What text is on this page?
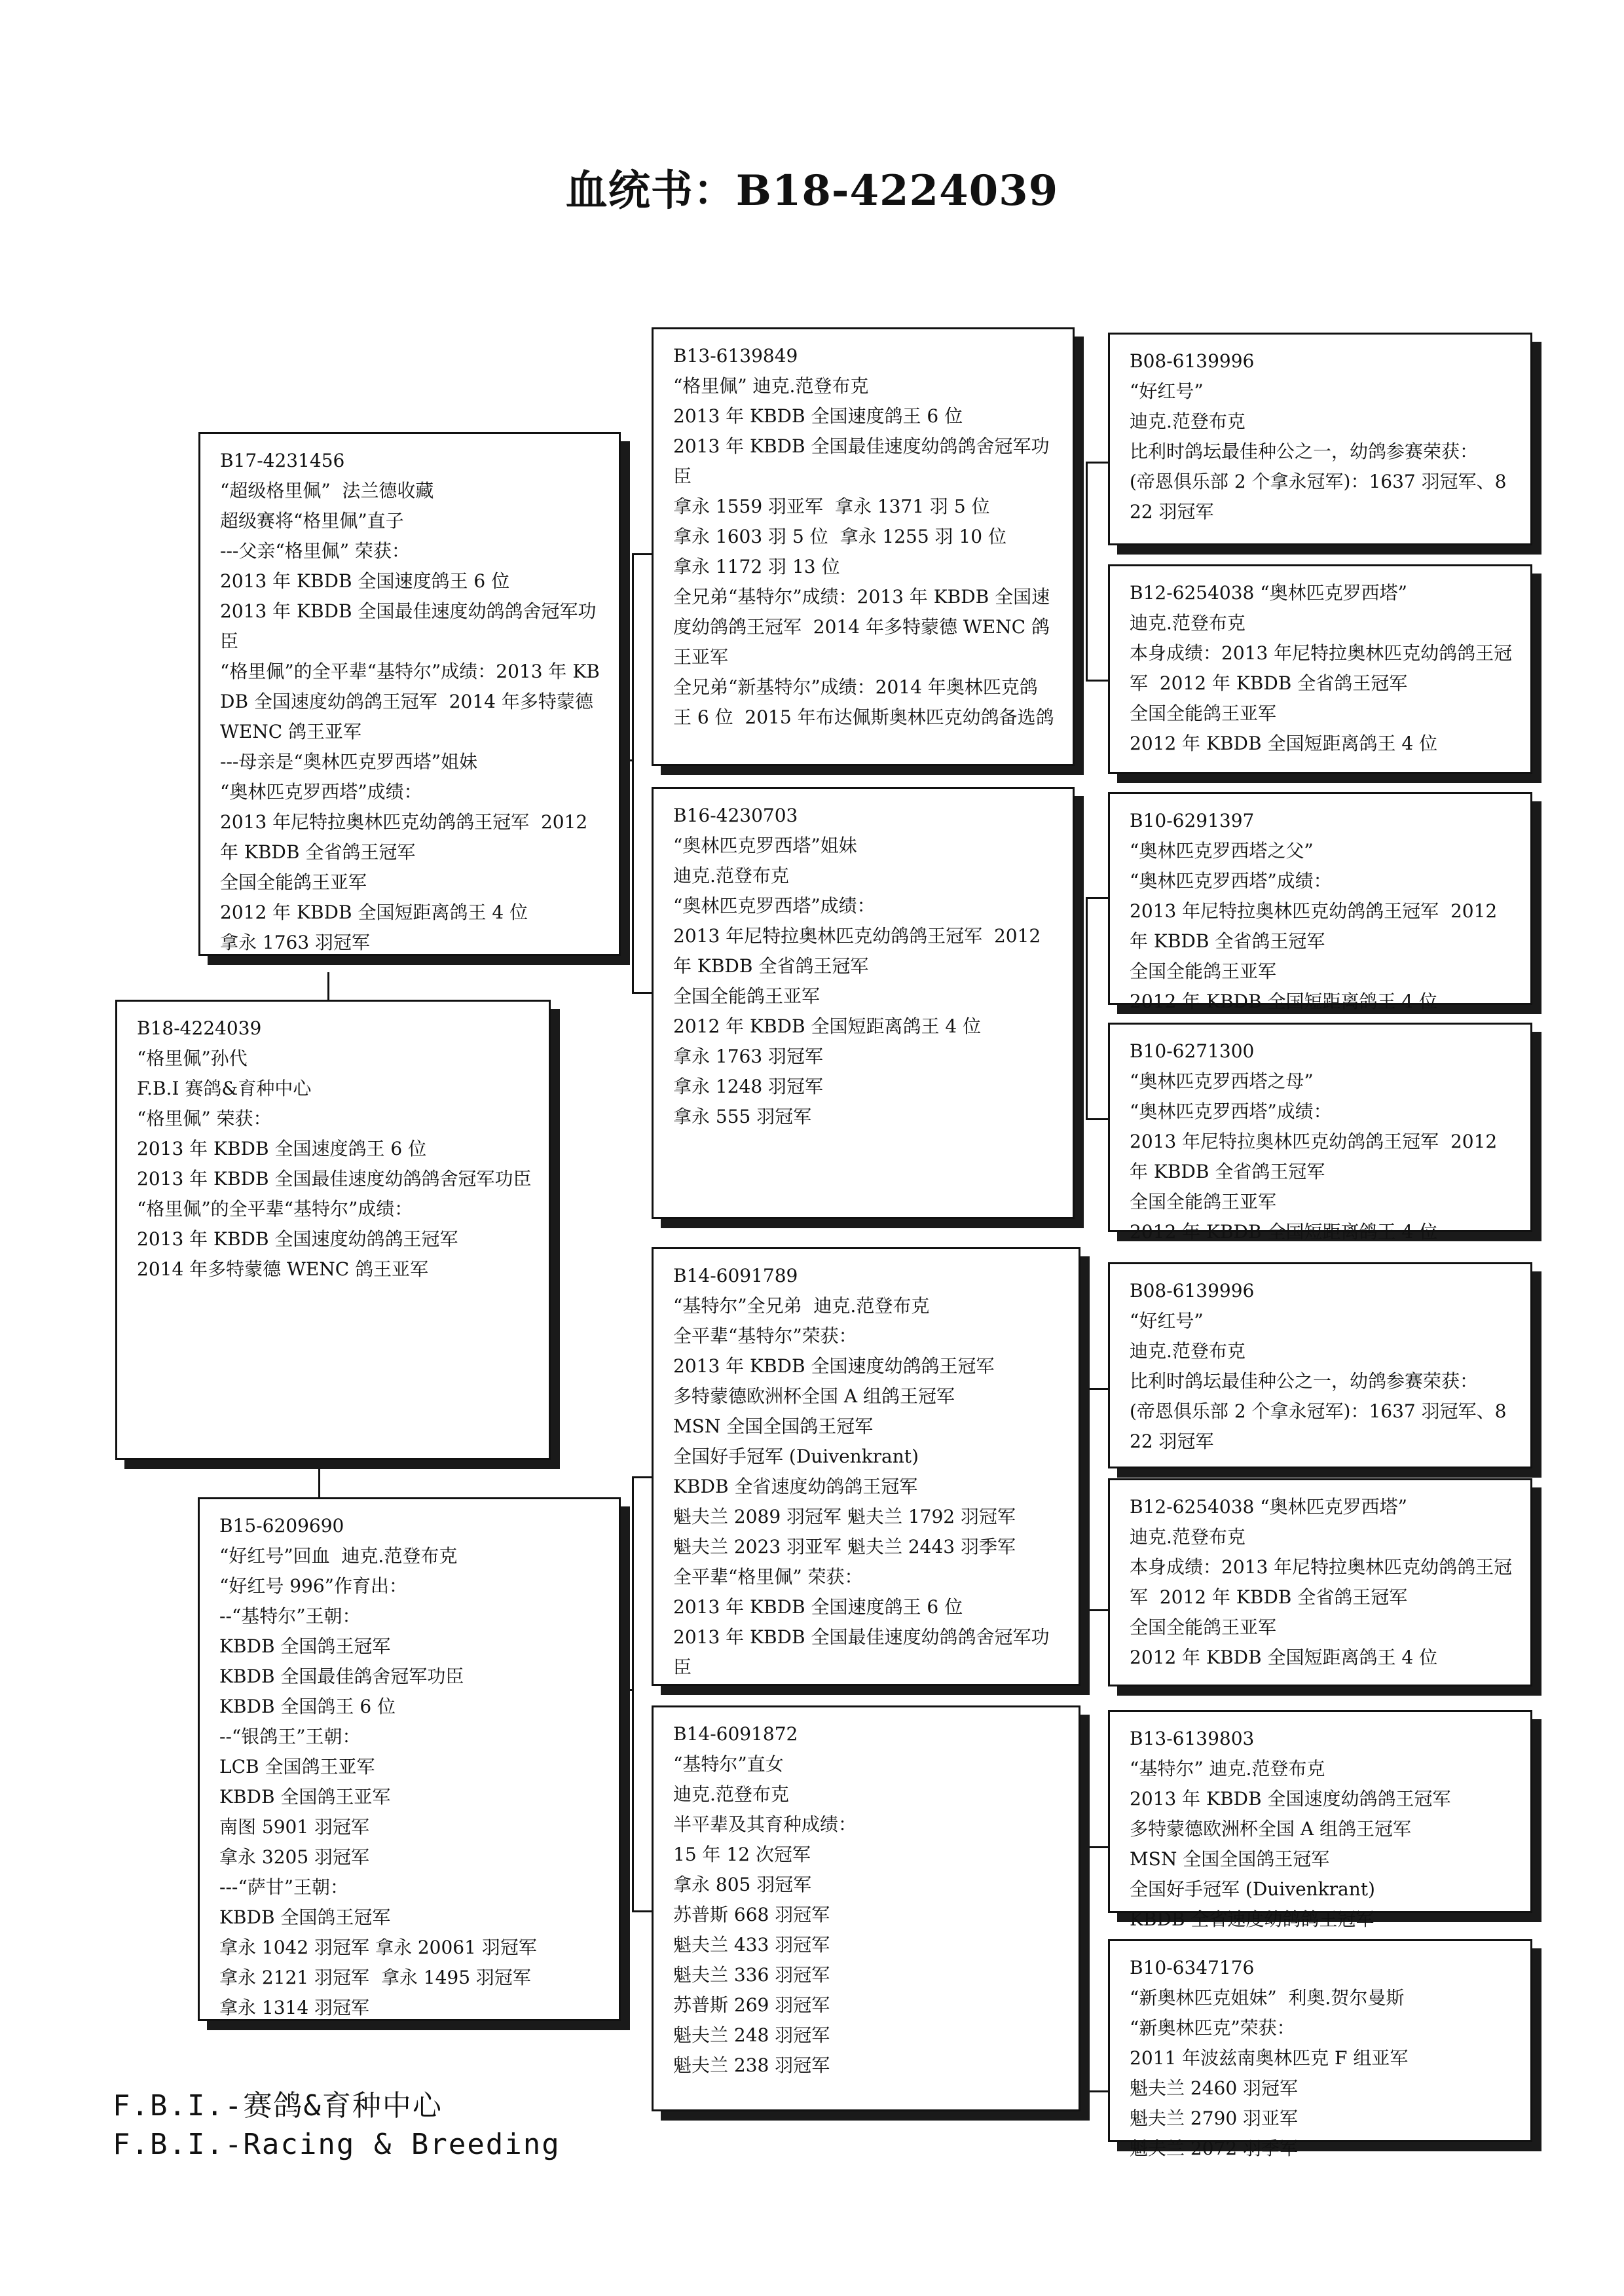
血统书：B18-4224039
B18-4224039
“格里佩”孙代
F.B.I 赛鸽&育种中心
“格里佩” 荣获：
2013 年 KBDB 全国速度鸽王 6 位
2013 年 KBDB 全国最佳速度幼鸽鸽舍冠军功臣
“格里佩”的全平辈“基特尔”成绩：
2013 年 KBDB 全国速度幼鸽鸽王冠军
2014 年多特蒙德 WENC 鸽王亚军
B17-4231456
“超级格里佩”  法兰德收藏
超级赛将“格里佩”直子
---父亲“格里佩” 荣获：
2013 年 KBDB 全国速度鸽王 6 位
2013 年 KBDB 全国最佳速度幼鸽鸽舍冠军功臣
“格里佩”的全平辈“基特尔”成绩：2013 年 KBDB 全国速度幼鸽鸽王冠军  2014 年多特蒙德 WENC 鸽王亚军
---母亲是“奥林匹克罗西塔”姐妹
“奥林匹克罗西塔”成绩：
2013 年尼特拉奥林匹克幼鸽鸽王冠军  2012 年 KBDB 全省鸽王冠军
全国全能鸽王亚军
2012 年 KBDB 全国短距离鸽王 4 位
拿永 1763 羽冠军
B15-6209690
“好红号”回血  迪克.范登布克
“好红号 996”作育出：
--“基特尔”王朝：
KBDB 全国鸽王冠军
KBDB 全国最佳鸽舍冠军功臣
KBDB 全国鸽王 6 位
--“银鸽王”王朝：
LCB 全国鸽王亚军
KBDB 全国鸽王亚军
南图 5901 羽冠军
拿永 3205 羽冠军
---“萨甘”王朝：
KBDB 全国鸽王冠军
拿永 1042 羽冠军 拿永 20061 羽冠军
拿永 2121 羽冠军  拿永 1495 羽冠军
拿永 1314 羽冠军
B13-6139849
“格里佩” 迪克.范登布克
2013 年 KBDB 全国速度鸽王 6 位
2013 年 KBDB 全国最佳速度幼鸽鸽舍冠军功臣
拿永 1559 羽亚军  拿永 1371 羽 5 位
拿永 1603 羽 5 位  拿永 1255 羽 10 位
拿永 1172 羽 13 位
全兄弟“基特尔”成绩：2013 年 KBDB 全国速度幼鸽鸽王冠军  2014 年多特蒙德 WENC 鸽王亚军
全兄弟“新基特尔”成绩：2014 年奥林匹克鸽王 6 位  2015 年布达佩斯奥林匹克幼鸽备选鸽
B16-4230703
“奥林匹克罗西塔”姐妹
迪克.范登布克
“奥林匹克罗西塔”成绩：
2013 年尼特拉奥林匹克幼鸽鸽王冠军  2012 年 KBDB 全省鸽王冠军
全国全能鸽王亚军
2012 年 KBDB 全国短距离鸽王 4 位
拿永 1763 羽冠军
拿永 1248 羽冠军
拿永 555 羽冠军
B14-6091789
“基特尔”全兄弟  迪克.范登布克
全平辈“基特尔”荣获：
2013 年 KBDB 全国速度幼鸽鸽王冠军
多特蒙德欧洲杯全国 A 组鸽王冠军
MSN 全国全国鸽王冠军
全国好手冠军 (Duivenkrant)
KBDB 全省速度幼鸽鸽王冠军
魁夫兰 2089 羽冠军 魁夫兰 1792 羽冠军
魁夫兰 2023 羽亚军 魁夫兰 2443 羽季军
全平辈“格里佩” 荣获：
2013 年 KBDB 全国速度鸽王 6 位
2013 年 KBDB 全国最佳速度幼鸽鸽舍冠军功臣
B14-6091872
“基特尔”直女
迪克.范登布克
半平辈及其育种成绩：
15 年 12 次冠军
拿永 805 羽冠军
苏普斯 668 羽冠军
魁夫兰 433 羽冠军
魁夫兰 336 羽冠军
苏普斯 269 羽冠军
魁夫兰 248 羽冠军
魁夫兰 238 羽冠军
B08-6139996
“好红号”
迪克.范登布克
比利时鸽坛最佳种公之一，幼鸽参赛荣获：
(帝恩俱乐部 2 个拿永冠军)：1637 羽冠军、822 羽冠军
B12-6254038 “奥林匹克罗西塔”
迪克.范登布克
本身成绩：2013 年尼特拉奥林匹克幼鸽鸽王冠军  2012 年 KBDB 全省鸽王冠军
全国全能鸽王亚军
2012 年 KBDB 全国短距离鸽王 4 位
B10-6291397
“奥林匹克罗西塔之父”
“奥林匹克罗西塔”成绩：
2013 年尼特拉奥林匹克幼鸽鸽王冠军  2012 年 KBDB 全省鸽王冠军
全国全能鸽王亚军
2012 年 KBDB 全国短距离鸽王 4 位
B10-6271300
“奥林匹克罗西塔之母”
“奥林匹克罗西塔”成绩：
2013 年尼特拉奥林匹克幼鸽鸽王冠军  2012 年 KBDB 全省鸽王冠军
全国全能鸽王亚军
2012 年 KBDB 全国短距离鸽王 4 位
B08-6139996
“好红号”
迪克.范登布克
比利时鸽坛最佳种公之一，幼鸽参赛荣获：
(帝恩俱乐部 2 个拿永冠军)：1637 羽冠军、822 羽冠军
B12-6254038 “奥林匹克罗西塔”
迪克.范登布克
本身成绩：2013 年尼特拉奥林匹克幼鸽鸽王冠军  2012 年 KBDB 全省鸽王冠军
全国全能鸽王亚军
2012 年 KBDB 全国短距离鸽王 4 位
B13-6139803
“基特尔” 迪克.范登布克
2013 年 KBDB 全国速度幼鸽鸽王冠军
多特蒙德欧洲杯全国 A 组鸽王冠军
MSN 全国全国鸽王冠军
全国好手冠军 (Duivenkrant)
KBDB 全省速度幼鸽鸽王冠军
B10-6347176
“新奥林匹克姐妹”  利奥.贺尔曼斯
“新奥林匹克”荣获：
2011 年波兹南奥林匹克 F 组亚军
魁夫兰 2460 羽冠军
魁夫兰 2790 羽亚军
魁夫兰 2072 羽季军
F.B.I.-赛鸽&育种中心
F.B.I.-Racing & Breeding
